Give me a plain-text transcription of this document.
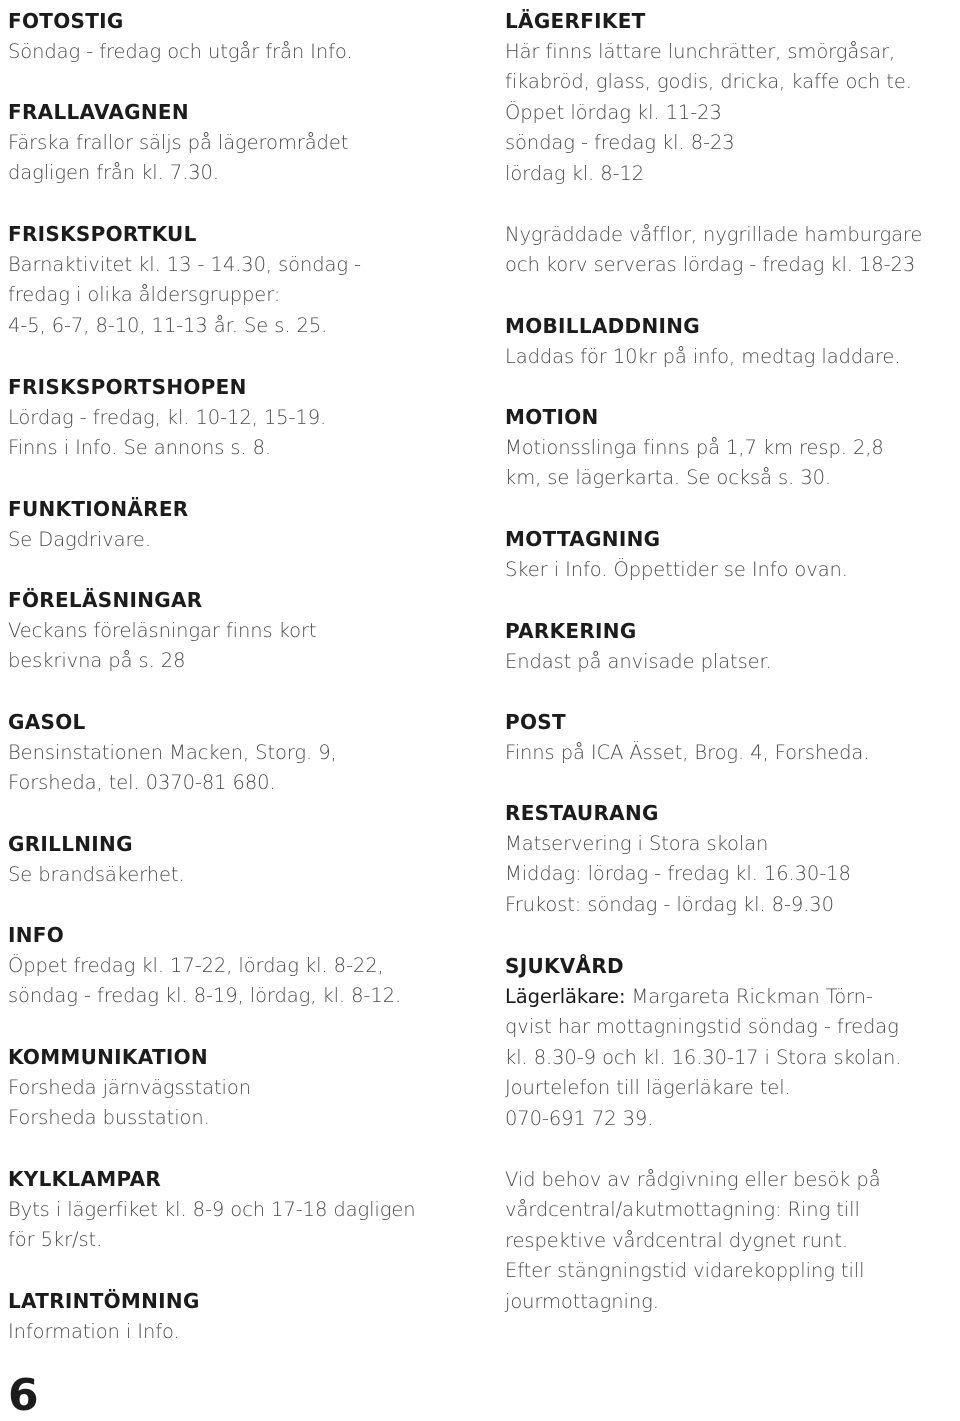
FOTOSTIG
Söndag - fredag och utgår från Info.
FRALLAVAGNEN
Färska frallor säljs på lägerområdet
dagligen från kl. 7.30.
FRISKSPORTKUL
Barnaktivitet kl. 13 - 14.30, söndag -
fredag i olika åldersgrupper:
4-5, 6-7, 8-10, 11-13 år. Se s. 25.
FRISKSPORTSHOPEN
Lördag - fredag, kl. 10-12, 15-19.
Finns i Info. Se annons s. 8.
FUNKTIONÄRER
Se Dagdrivare.
FÖRELÄSNINGAR
Veckans föreläsningar finns kort
beskrivna på s. 28
GASOL
Bensinstationen Macken, Storg. 9,
Forsheda, tel. 0370-81 680.
GRILLNING
Se brandsäkerhet.
INFO
Öppet fredag kl. 17-22, lördag kl. 8-22,
söndag - fredag kl. 8-19, lördag, kl. 8-12.
KOMMUNIKATION
Forsheda järnvägsstation
Forsheda busstation.
KYLKLAMPAR
Byts i lägerfiket kl. 8-9 och 17-18 dagligen
för 5kr/st.
LATRINTÖMNING
Information i Info.
LÄGERFIKET
Här finns lättare lunchrätter, smörgåsar,
fikabröd, glass, godis, dricka, kaffe och te.
Öppet lördag kl. 11-23
söndag - fredag kl. 8-23
lördag kl. 8-12
Nygräddade våfflor, nygrillade hamburgare
och korv serveras lördag - fredag kl. 18-23
MOBILLADDNING
Laddas för 10kr på info, medtag laddare.
MOTION
Motionsslinga finns på 1,7 km resp. 2,8
km, se lägerkarta. Se också s. 30.
MOTTAGNING
Sker i Info. Öppettider se Info ovan.
PARKERING
Endast på anvisade platser.
POST
Finns på ICA Ässet, Brog. 4, Forsheda.
RESTAURANG
Matservering i Stora skolan
Middag: lördag - fredag kl. 16.30-18
Frukost: söndag - lördag kl. 8-9.30
SJUKVÅRD
Lägerläkare: Margareta Rickman Törn-
qvist har mottagningstid söndag - fredag
kl. 8.30-9 och kl. 16.30-17 i Stora skolan.
Jourtelefon till lägerläkare tel.
070-691 72 39.
Vid behov av rådgivning eller besök på
vårdcentral/akutmottagning: Ring till
respektive vårdcentral dygnet runt.
Efter stängningstid vidarekoppling till
jourmottagning.
6
